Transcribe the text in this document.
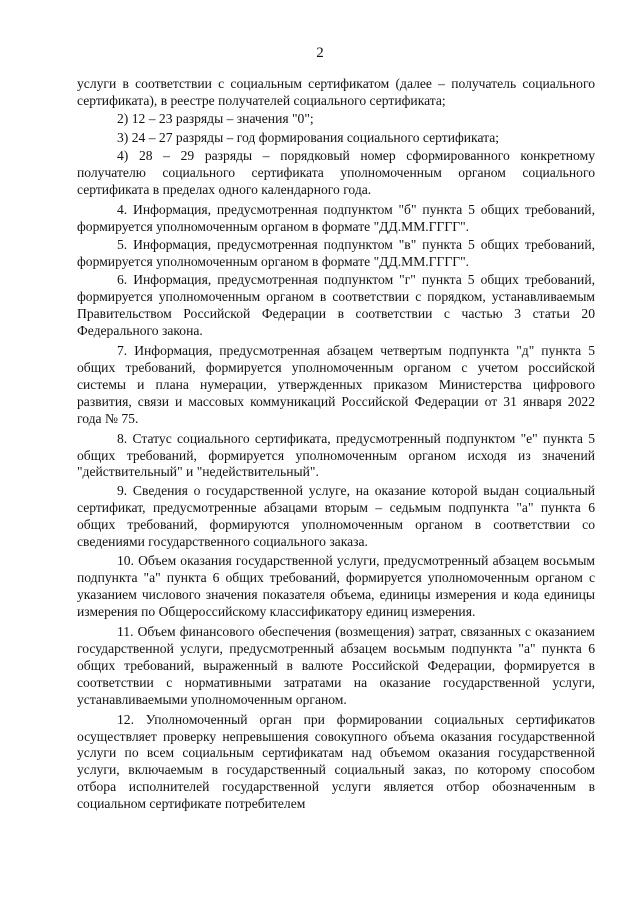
2

услуги в соответствии с социальным сертификатом (далее – получатель социального сертификата), в реестре получателей социального сертификата;

2) 12 – 23 разряды – значения "0";

3) 24 – 27 разряды – год формирования социального сертификата;

4) 28 – 29 разряды – порядковый номер сформированного конкретному получателю социального сертификата уполномоченным органом социального сертификата в пределах одного календарного года.

4. Информация, предусмотренная подпунктом "б" пункта 5 общих требований, формируется уполномоченным органом в формате "ДД.ММ.ГГГГ".

5. Информация, предусмотренная подпунктом "в" пункта 5 общих требований, формируется уполномоченным органом в формате "ДД.ММ.ГГГГ".

6. Информация, предусмотренная подпунктом "г" пункта 5 общих требований, формируется уполномоченным органом в соответствии с порядком, устанавливаемым Правительством Российской Федерации в соответствии с частью 3 статьи 20 Федерального закона.

7. Информация, предусмотренная абзацем четвертым подпункта "д" пункта 5 общих требований, формируется уполномоченным органом с учетом российской системы и плана нумерации, утвержденных приказом Министерства цифрового развития, связи и массовых коммуникаций Российской Федерации от 31 января 2022 года № 75.

8. Статус социального сертификата, предусмотренный подпунктом "е" пункта 5 общих требований, формируется уполномоченным органом исходя из значений "действительный" и "недействительный".

9. Сведения о государственной услуге, на оказание которой выдан социальный сертификат, предусмотренные абзацами вторым – седьмым подпункта "а" пункта 6 общих требований, формируются уполномоченным органом в соответствии со сведениями государственного социального заказа.

10. Объем оказания государственной услуги, предусмотренный абзацем восьмым подпункта "а" пункта 6 общих требований, формируется уполномоченным органом с указанием числового значения показателя объема, единицы измерения и кода единицы измерения по Общероссийскому классификатору единиц измерения.

11. Объем финансового обеспечения (возмещения) затрат, связанных с оказанием государственной услуги, предусмотренный абзацем восьмым подпункта "а" пункта 6 общих требований, выраженный в валюте Российской Федерации, формируется в соответствии с нормативными затратами на оказание государственной услуги, устанавливаемыми уполномоченным органом.

12. Уполномоченный орган при формировании социальных сертификатов осуществляет проверку непревышения совокупного объема оказания государственной услуги по всем социальным сертификатам над объемом оказания государственной услуги, включаемым в государственный социальный заказ, по которому способом отбора исполнителей государственной услуги является отбор обозначенным в социальном сертификате потребителем
